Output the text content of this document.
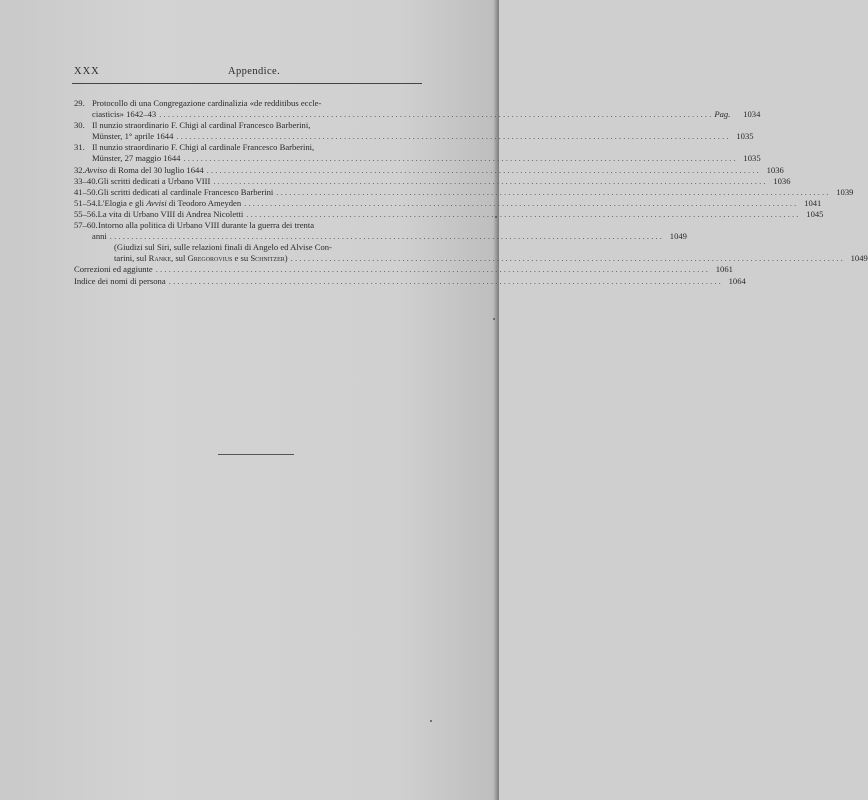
XXX	Appendice.
29. Protocollo di una Congregazione cardinalizia «de redditibus eccle-
ciasticis» 1642–43 . . .	Pag.	1034
30. Il nunzio straordinario F. Chigi al cardinal Francesco Barberini,
Münster, 1° aprile 1644 . . .	1035
31. Il nunzio straordinario F. Chigi al cardinale Francesco Barberini,
Münster, 27 maggio 1644 . . .	1035
32. Avviso di Roma del 30 luglio 1644 . . .	1036
33–40. Gli scritti dedicati a Urbano VIII . . .	1036
41–50. Gli scritti dedicati al cardinale Francesco Barberini . . .	1039
51–54. L'Elogia e gli Avvisi di Teodoro Ameyden . . .	1041
55–56. La vita di Urbano VIII di Andrea Nicoletti . . .	1045
57–60. Intorno alla politica di Urbano VIII durante la guerra dei trenta
anni . . .	1049
(Giudizi sul Siri, sulle relazioni finali di Angelo ed Alvise Con-
tarini, sul Ranke, sul Gregorovius e su Schnitzer) . . .	1049
Correzioni ed aggiunte . . .	1061
Indice dei nomi di persona . . .	1064
